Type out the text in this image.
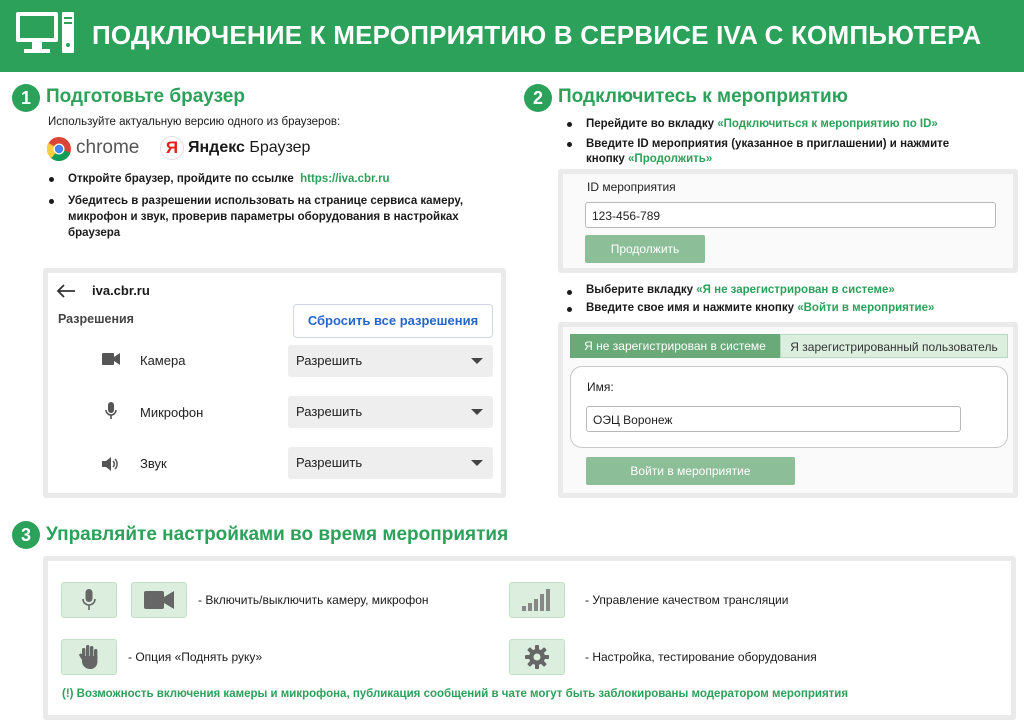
ПОДКЛЮЧЕНИЕ К МЕРОПРИЯТИЮ В СЕРВИСЕ IVA С КОМПЬЮТЕРА
1 Подготовьте браузер
Используйте актуальную версию одного из браузеров:
chrome	Я Яндекс Браузер
Откройте браузер, пройдите по ссылке https://iva.cbr.ru
Убедитесь в разрешении использовать на странице сервиса камеру,
микрофон и звук, проверив параметры оборудования в настройках
браузера
iva.cbr.ru
Разрешения	Сбросить все разрешения
Камера	Разрешить
Микрофон	Разрешить
Звук	Разрешить
2 Подключитесь к мероприятию
Перейдите во вкладку «Подключиться к мероприятию по ID»
Введите ID мероприятия (указанное в приглашении) и нажмите
кнопку «Продолжить»
ID мероприятия
123-456-789
Продолжить
Выберите вкладку «Я не зарегистрирован в системе»
Введите свое имя и нажмите кнопку «Войти в мероприятие»
Я не зарегистрирован в системе	Я зарегистрированный пользователь
Имя:
ОЭЦ Воронеж
Войти в мероприятие
3 Управляйте настройками во время мероприятия
- Включить/выключить камеру, микрофон	- Управление качеством трансляции
- Опция «Поднять руку»	- Настройка, тестирование оборудования
(!) Возможность включения камеры и микрофона, публикация сообщений в чате могут быть заблокированы модератором мероприятия
